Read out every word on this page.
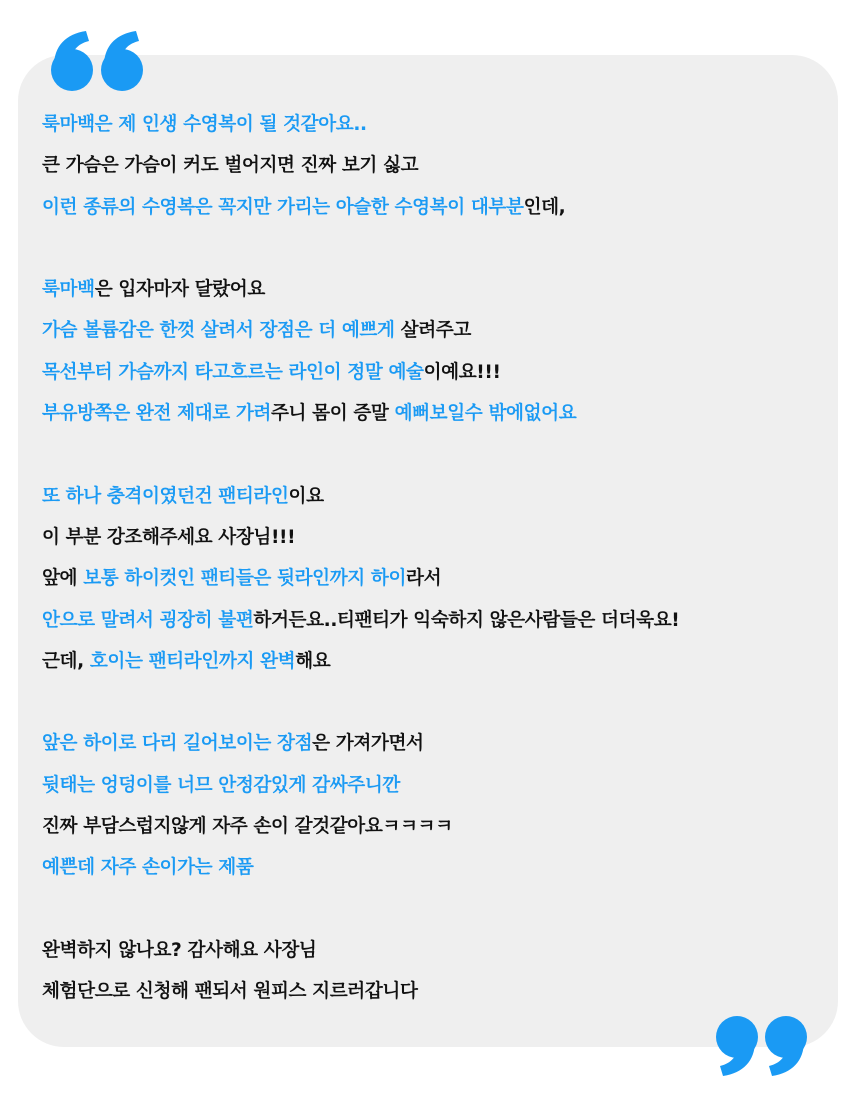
룩마백은 제 인생 수영복이 될 것같아요..
큰 가슴은 가슴이 커도 벌어지면 진짜 보기 싫고
이런 종류의 수영복은 꼭지만 가리는 아슬한 수영복이 대부분인데,
룩마백은 입자마자 달랐어요
가슴 볼륨감은 한껏 살려서 장점은 더 예쁘게 살려주고
목선부터 가슴까지 타고흐르는 라인이 정말 예술이예요!!!
부유방쪽은 완전 제대로 가려주니 몸이 증말 예뻐보일수 밖에없어요
또 하나 충격이였던건 팬티라인이요
이 부분 강조해주세요 사장님!!!
앞에 보통 하이컷인 팬티들은 뒷라인까지 하이라서
안으로 말려서 굉장히 불편하거든요..티팬티가 익숙하지 않은사람들은 더더욱요!
근데, 호이는 팬티라인까지 완벽해요
앞은 하이로 다리 길어보이는 장점은 가져가면서
뒷태는 엉덩이를 너므 안정감있게 감싸주니깐
진짜 부담스럽지않게 자주 손이 갈것같아요ㅋㅋㅋㅋ
예쁜데 자주 손이가는 제품
완벽하지 않나요? 감사해요 사장님
체험단으로 신청해 팬되서 원피스 지르러갑니다
